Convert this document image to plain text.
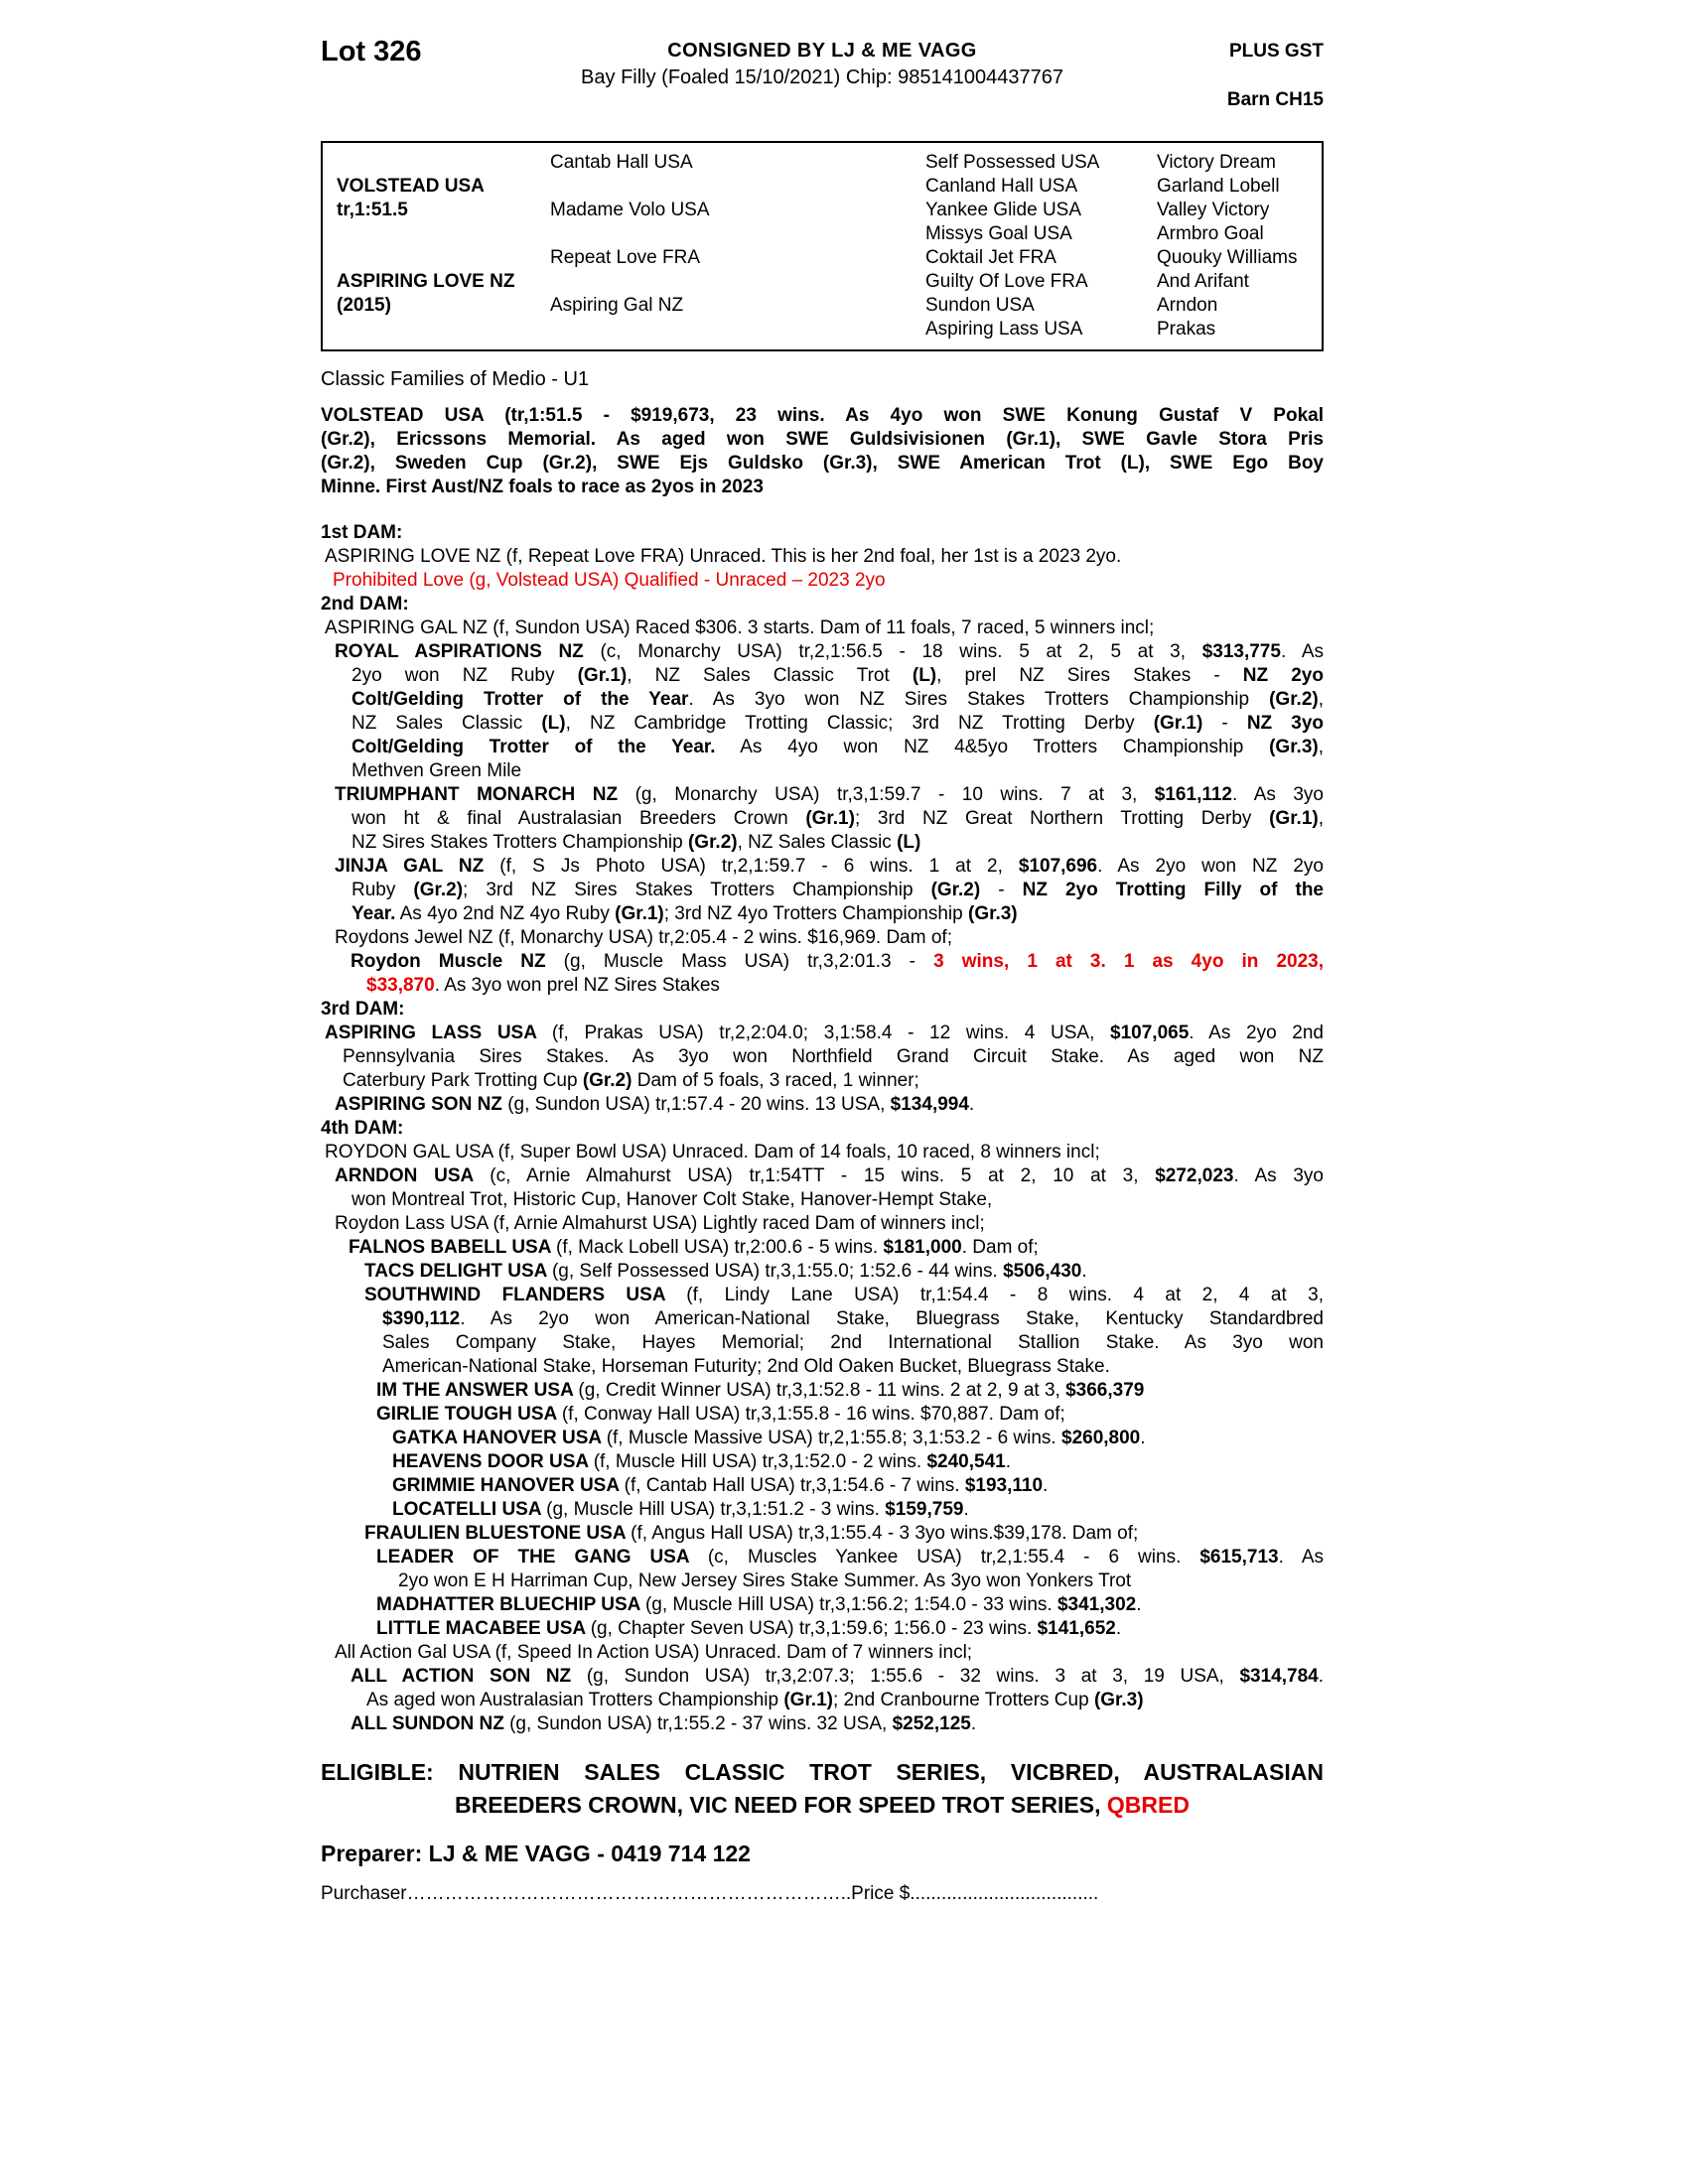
Lot 326	CONSIGNED BY LJ & ME VAGG
Bay Filly (Foaled 15/10/2021) Chip: 985141004437767
PLUS GST
Barn CH15
VOLSTEAD USA
tr,1:51.5
ASPIRING LOVE NZ
(2015)
Cantab Hall USA
Madame Volo USA
Repeat Love FRA
Aspiring Gal NZ
Self Possessed USA
Canland Hall USA
Yankee Glide USA
Missys Goal USA
Coktail Jet FRA
Guilty Of Love FRA
Sundon USA
Aspiring Lass USA
Victory Dream
Garland Lobell
Valley Victory
Armbro Goal
Quouky Williams
And Arifant
Arndon
Prakas
Classic Families of Medio - U1
VOLSTEAD USA (tr,1:51.5 - $919,673, 23 wins. As 4yo won SWE Konung Gustaf V Pokal
(Gr.2), Ericssons Memorial. As aged won SWE Guldsivisionen (Gr.1), SWE Gavle Stora Pris
(Gr.2), Sweden Cup (Gr.2), SWE Ejs Guldsko (Gr.3), SWE American Trot (L), SWE Ego Boy
Minne. First Aust/NZ foals to race as 2yos in 2023
1st DAM:
ASPIRING LOVE NZ (f, Repeat Love FRA) Unraced. This is her 2nd foal, her 1st is a 2023 2yo.
Prohibited Love (g, Volstead USA) Qualified - Unraced – 2023 2yo
2nd DAM:
ASPIRING GAL NZ (f, Sundon USA) Raced $306. 3 starts. Dam of 11 foals, 7 raced, 5 winners incl;
ROYAL ASPIRATIONS NZ (c, Monarchy USA) tr,2,1:56.5 - 18 wins. 5 at 2, 5 at 3, $313,775. As
2yo won NZ Ruby (Gr.1), NZ Sales Classic Trot (L), prel NZ Sires Stakes - NZ 2yo
Colt/Gelding Trotter of the Year. As 3yo won NZ Sires Stakes Trotters Championship (Gr.2),
NZ Sales Classic (L), NZ Cambridge Trotting Classic; 3rd NZ Trotting Derby (Gr.1) - NZ 3yo
Colt/Gelding Trotter of the Year. As 4yo won NZ 4&5yo Trotters Championship (Gr.3),
Methven Green Mile
TRIUMPHANT MONARCH NZ (g, Monarchy USA) tr,3,1:59.7 - 10 wins. 7 at 3, $161,112. As 3yo
won ht & final Australasian Breeders Crown (Gr.1); 3rd NZ Great Northern Trotting Derby (Gr.1),
NZ Sires Stakes Trotters Championship (Gr.2), NZ Sales Classic (L)
JINJA GAL NZ (f, S Js Photo USA) tr,2,1:59.7 - 6 wins. 1 at 2, $107,696. As 2yo won NZ 2yo
Ruby (Gr.2); 3rd NZ Sires Stakes Trotters Championship (Gr.2) - NZ 2yo Trotting Filly of the
Year. As 4yo 2nd NZ 4yo Ruby (Gr.1); 3rd NZ 4yo Trotters Championship (Gr.3)
Roydons Jewel NZ (f, Monarchy USA) tr,2:05.4 - 2 wins. $16,969. Dam of;
Roydon Muscle NZ (g, Muscle Mass USA) tr,3,2:01.3 - 3 wins, 1 at 3. 1 as 4yo in 2023,
$33,870. As 3yo won prel NZ Sires Stakes
3rd DAM:
ASPIRING LASS USA (f, Prakas USA) tr,2,2:04.0; 3,1:58.4 - 12 wins. 4 USA, $107,065. As 2yo 2nd
Pennsylvania Sires Stakes. As 3yo won Northfield Grand Circuit Stake. As aged won NZ
Caterbury Park Trotting Cup (Gr.2) Dam of 5 foals, 3 raced, 1 winner;
ASPIRING SON NZ (g, Sundon USA) tr,1:57.4 - 20 wins. 13 USA, $134,994.
4th DAM:
ROYDON GAL USA (f, Super Bowl USA) Unraced. Dam of 14 foals, 10 raced, 8 winners incl;
ARNDON USA (c, Arnie Almahurst USA) tr,1:54TT - 15 wins. 5 at 2, 10 at 3, $272,023. As 3yo
won Montreal Trot, Historic Cup, Hanover Colt Stake, Hanover-Hempt Stake,
Roydon Lass USA (f, Arnie Almahurst USA) Lightly raced Dam of winners incl;
FALNOS BABELL USA (f, Mack Lobell USA) tr,2:00.6 - 5 wins. $181,000. Dam of;
TACS DELIGHT USA (g, Self Possessed USA) tr,3,1:55.0; 1:52.6 - 44 wins. $506,430.
SOUTHWIND FLANDERS USA (f, Lindy Lane USA) tr,1:54.4 - 8 wins. 4 at 2, 4 at 3,
$390,112. As 2yo won American-National Stake, Bluegrass Stake, Kentucky Standardbred
Sales Company Stake, Hayes Memorial; 2nd International Stallion Stake. As 3yo won
American-National Stake, Horseman Futurity; 2nd Old Oaken Bucket, Bluegrass Stake.
IM THE ANSWER USA (g, Credit Winner USA) tr,3,1:52.8 - 11 wins. 2 at 2, 9 at 3, $366,379
GIRLIE TOUGH USA (f, Conway Hall USA) tr,3,1:55.8 - 16 wins. $70,887. Dam of;
GATKA HANOVER USA (f, Muscle Massive USA) tr,2,1:55.8; 3,1:53.2 - 6 wins. $260,800.
HEAVENS DOOR USA (f, Muscle Hill USA) tr,3,1:52.0 - 2 wins. $240,541.
GRIMMIE HANOVER USA (f, Cantab Hall USA) tr,3,1:54.6 - 7 wins. $193,110.
LOCATELLI USA (g, Muscle Hill USA) tr,3,1:51.2 - 3 wins. $159,759.
FRAULIEN BLUESTONE USA (f, Angus Hall USA) tr,3,1:55.4 - 3 3yo wins.$39,178. Dam of;
LEADER OF THE GANG USA (c, Muscles Yankee USA) tr,2,1:55.4 - 6 wins. $615,713. As
2yo won E H Harriman Cup, New Jersey Sires Stake Summer. As 3yo won Yonkers Trot
MADHATTER BLUECHIP USA (g, Muscle Hill USA) tr,3,1:56.2; 1:54.0 - 33 wins. $341,302.
LITTLE MACABEE USA (g, Chapter Seven USA) tr,3,1:59.6; 1:56.0 - 23 wins. $141,652.
All Action Gal USA (f, Speed In Action USA) Unraced. Dam of 7 winners incl;
ALL ACTION SON NZ (g, Sundon USA) tr,3,2:07.3; 1:55.6 - 32 wins. 3 at 3, 19 USA, $314,784.
As aged won Australasian Trotters Championship (Gr.1); 2nd Cranbourne Trotters Cup (Gr.3)
ALL SUNDON NZ (g, Sundon USA) tr,1:55.2 - 37 wins. 32 USA, $252,125.
ELIGIBLE: NUTRIEN SALES CLASSIC TROT SERIES, VICBRED, AUSTRALASIAN
BREEDERS CROWN, VIC NEED FOR SPEED TROT SERIES, QBRED
Preparer: LJ & ME VAGG - 0419 714 122
Purchaser……………………………………………………………..Price $....................................
